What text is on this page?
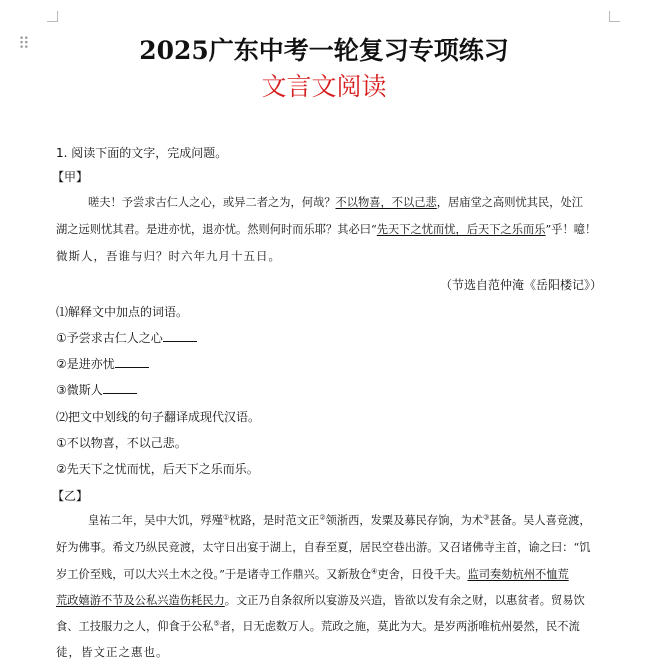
⠿	2025广东中考一轮复习专项练习
文言文阅读
1. 阅读下面的文字，完成问题。
【甲】
嗟夫！予尝求古仁人之心，或异二者之为，何哉？不以物喜，不以己悲，居庙堂之高则忧其民，处江
湖之远则忧其君。是进亦忧，退亦忧。然则何时而乐耶？其必曰“先天下之忧而忧，后天下之乐而乐”乎！噫！
微斯人，吾谁与归？时六年九月十五日。
（节选自范仲淹《岳阳楼记》）
⑴解释文中加点的词语。
①予尝求古仁人之心
②是进亦忧
③微斯人
⑵把文中划线的句子翻译成现代汉语。
①不以物喜，不以己悲。
②先天下之忧而忧，后天下之乐而乐。
【乙】
皇祐二年，吴中大饥，殍殣①枕路，是时范文正②领浙西，发粟及募民存饷，为术③甚备。吴人喜竞渡，
好为佛事。希文乃纵民竞渡，太守日出宴于湖上，自春至夏，居民空巷出游。又召诸佛寺主首，谕之曰：“饥
岁工价至贱，可以大兴土木之役。”于是诸寺工作鼎兴。又新敖仓④吏舍，日役千夫。监司奏劾杭州不恤荒
荒政嬉游不节及公私兴造伤耗民力。文正乃自条叙所以宴游及兴造，皆欲以发有余之财，以惠贫者。贸易饮
食、工技服力之人，仰食于公私⑤者，日无虑数万人。荒政之施，莫此为大。是岁两浙唯杭州晏然，民不流
徒，皆文正之惠也。
